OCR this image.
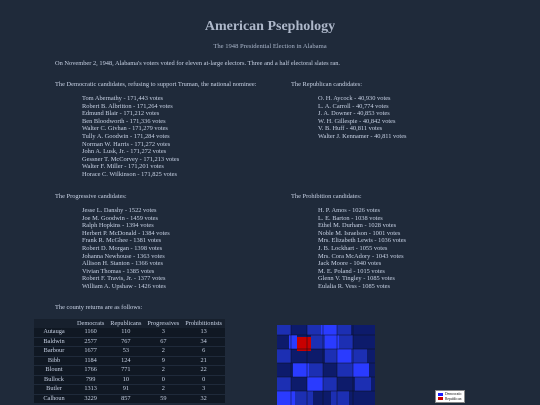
American Psephology
The 1948 Presidential Election in Alabama
On November 2, 1948, Alabama's voters voted for eleven at-large electors. Three and a half electoral slates ran.
The Democratic candidates, refusing to support Truman, the national nominee:
Tom Abernathy - 171,443 votes
Robert B. Albritton - 171,264 votes
Edmund Blair - 171,212 votes
Ben Bloodworth - 171,336 votes
Walter C. Givhan - 171,279 votes
Tully A. Goodwin - 171,284 votes
Norman W. Harris - 171,272 votes
John A. Lusk, Jr. - 171,272 votes
Gessner T. McCorvey - 171,213 votes
Walter F. Miller - 171,201 votes
Horace C. Wilkinson - 171,825 votes
The Republican candidates:
O. H. Aycock - 40,930 votes
L. A. Carroll - 40,774 votes
J. A. Downer - 40,853 votes
W. H. Gillespie - 40,842 votes
V. B. Huff - 40,811 votes
Walter J. Kennamer - 40,811 votes
The Progressive candidates:
Jesse L. Danshy - 1522 votes
Joe M. Goodwin - 1459 votes
Ralph Hopkins - 1394 votes
Herbert P. McDonald - 1384 votes
Frank R. McGhee - 1381 votes
Robert D. Morgan - 1398 votes
Johanna Newhouse - 1363 votes
Allison H. Stanton - 1366 votes
Vivian Thomas - 1385 votes
Robert F. Travis, Jr. - 1377 votes
William A. Upshaw - 1426 votes
The Prohibition candidates:
H. P. Amos - 1026 votes
L. E. Barton - 1038 votes
Ethel M. Durham - 1028 votes
Noble M. Israelson - 1001 votes
Mrs. Elizabeth Lewis - 1036 votes
J. B. Lockhart - 1055 votes
Mrs. Cora McAdory - 1043 votes
Jack Moore - 1040 votes
M. E. Poland - 1015 votes
Glenn V. Tingley - 1085 votes
Eulalia R. Vess - 1085 votes
The county returns are as follows:
	Democrats	Republicans	Progressives	Prohibitionists
Autauga	1160	110	3	13
Baldwin	2577	767	67	34
Barbour	1677	53	2	6
Bibb	1184	124	9	21
Blount	1766	771	2	22
Bullock	799	10	0	0
Butler	1313	91	2	3
Calhoun	3229	857	59	32
Democratic
Republican
